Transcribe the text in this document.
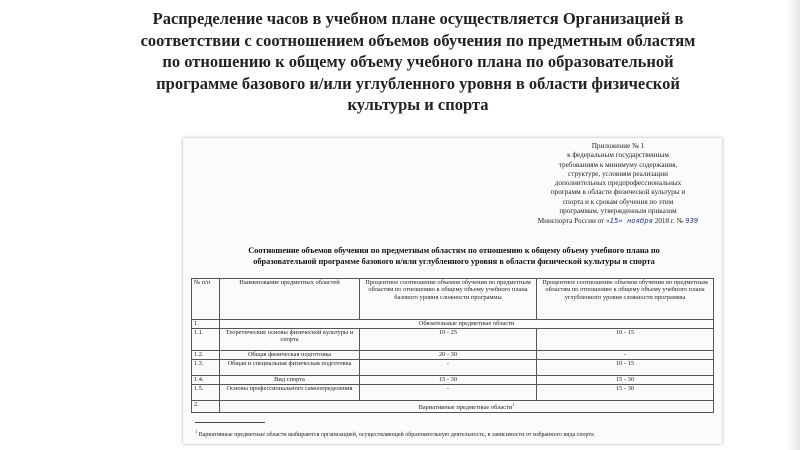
Распределение часов в учебном плане осуществляется Организацией в
соответствии с соотношением объемов обучения по предметным областям
по отношению к общему объему учебного плана по образовательной
программе базового и/или углубленного уровня в области физической
культуры и спорта
Приложение № 1
к федеральным государственным
требованиям к минимуму содержания,
структуре, условиям реализации
дополнительных предпрофессиональных
программ в области физической культуры и
спорта и к срокам обучения по этим
программам, утвержденным приказом
Минспорта России от «15» ноября 2018 г. № 939
Соотношение объемов обучения по предметным областям по отношению к общему объему учебного плана по
образовательной программе базового и/или углубленного уровня в области физической культуры и спорта
№ п/п	Наименование предметных областей	Процентное соотношение объемов обучения по предметным областям по отношению к общему объему учебного плана базового уровня сложности программы	Процентное соотношение объемов обучения по предметным областям по отношению к общему объему учебного плана углубленного уровня сложности программы
1.	Обязательные предметные области		
1.1.	Теоретические основы физической культуры и спорта	10 - 25	10 - 15
1.2.	Общая физическая подготовка	20 - 30	-
1.3.	Общая и специальная физическая подготовка	-	10 - 15
1.4.	Вид спорта	15 - 30	15 - 30
1.5.	Основы профессионального самоопределения	-	15 - 30
2.	Вариативные предметные области$^1$
$^1$ Вариативные предметные области выбираются организацией, осуществляющей образовательную деятельность, в зависимости от избранного вида спорта
